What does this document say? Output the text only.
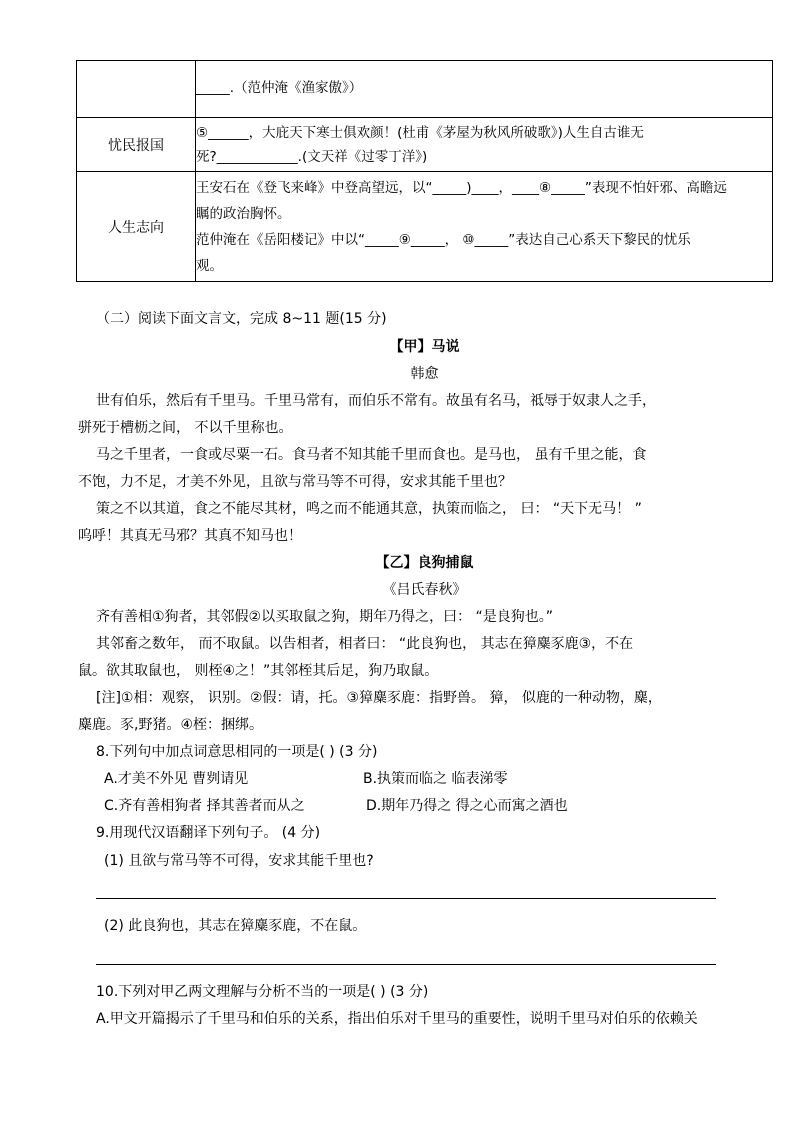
	_____.（范仲淹《渔家傲》）

忧民报国	⑤______，大庇天下寒士俱欢颜！(杜甫《茅屋为秋风所破歌》)人生自古谁无
死?____________.(文天祥《过零丁洋》)

人生志向	王安石在《登飞来峰》中登高望远，以“_____)____，____⑧_____”表现不怕奸邪、高瞻远
瞩的政治胸怀。
范仲淹在《岳阳楼记》中以“_____⑨_____， ⑩_____”表达自己心系天下黎民的忧乐
观。
（二）阅读下面文言文，完成 8~11 题(15 分)
【甲】马说
韩愈
世有伯乐，然后有千里马。千里马常有，而伯乐不常有。故虽有名马，祗辱于奴隶人之手，
骈死于槽枥之间， 不以千里称也。
马之千里者，一食或尽粟一石。食马者不知其能千里而食也。是马也， 虽有千里之能，食
不饱，力不足，才美不外见，且欲与常马等不可得，安求其能千里也？
策之不以其道，食之不能尽其材，鸣之而不能通其意，执策而临之， 曰： “天下无马！ ”
呜呼！其真无马邪？其真不知马也！
【乙】良狗捕鼠
《吕氏春秋》
齐有善相①狗者，其邻假②以买取鼠之狗，期年乃得之，曰： “是良狗也。”
其邻畜之数年， 而不取鼠。以告相者，相者曰： “此良狗也， 其志在獐麋豕鹿③，不在
鼠。欲其取鼠也， 则桎④之！”其邻桎其后足，狗乃取鼠。
[注]①相：观察， 识别。②假：请，托。③獐麋豕鹿：指野兽。 獐， 似鹿的一种动物，麋，
麋鹿。豕,野猪。④桎：捆绑。
8.下列句中加点词意思相同的一项是( ) (3 分)
A.才美不外见 曹刿请见	B.执策而临之 临表涕零
C.齐有善相狗者 择其善者而从之	D.期年乃得之 得之心而寓之酒也
9.用现代汉语翻译下列句子。 (4 分)
(1) 且欲与常马等不可得，安求其能千里也?
(2) 此良狗也，其志在獐麋豕鹿，不在鼠。
10.下列对甲乙两文理解与分析不当的一项是( ) (3 分)
A.甲文开篇揭示了千里马和伯乐的关系，指出伯乐对千里马的重要性，说明千里马对伯乐的依赖关
